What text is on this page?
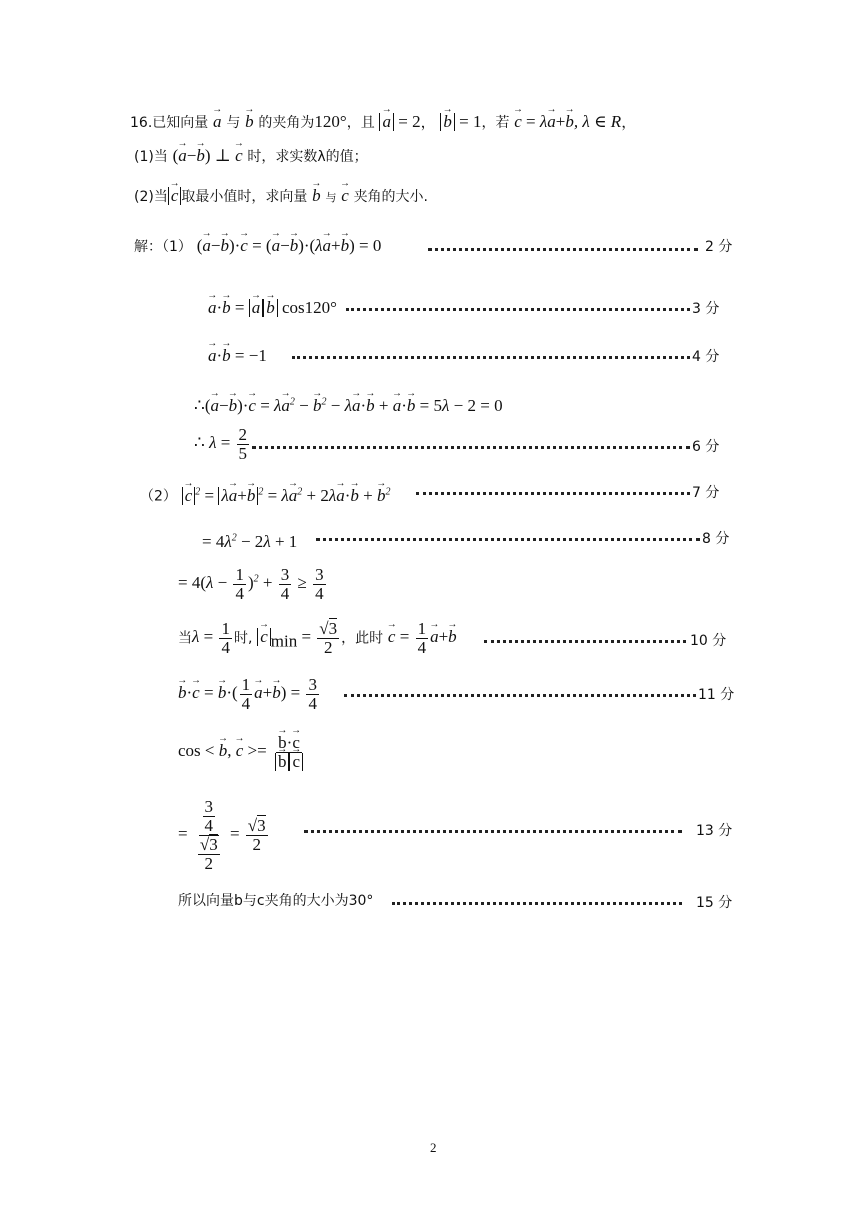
16.已知向量 → a 与 → b 的夹角为120°，且 → a = 2， → b = 1，若 → c = λ→ a+→ b, λ ∈ R，
(1)当 (→ a−→ b) ⊥ → c 时，求实数λ的值；
(2)当→ c 取最小值时，求向量 → b 与 → c 夹角的大小.
解：（1） (→ a−→ b)·→ c = (→ a−→ b)·(λ→ a+→ b) = 0	2 分
→ a·→ b = → a→ b cos120°	3 分
→ a·→ b = −1	4 分
∴(→ $a-\to b)\cdot\to c = \lambda\to a^2$ − → $b^2 - \lambda\to a\cdot\to b$ + → a·→ b = 5λ − 2 = 0
∴ $\lambda = \frac{2}{5}$	6 分
（2） → c $^2$ = λ→ a+→ b $^2 = \lambda\to a^2 + 2\lambda\to a\cdot\to b$ + → $b^2$	7 分
= $4\lambda^2 - 2\lambda + 1$	8 分
= $4(\lambda - \frac{1}{4} )^2 + \frac{3}{4} \ge \frac{3}{4}$
当$\lambda = \frac{1}{4}$ 时, → c $_{min} = \frac{√3}{2}$ ，此时 → $c = \frac{1}{4}$
→ a+→ b	10 分
→ b·→ c = → $b\cdot( \frac{1}{4}$
→ $a+\to b) = \frac{3}{4}$	11 分
cos < → b, → c >=
→ b·→ c
→ b→ c
= $\frac{\frac{3}{4}}{\frac{√3}{2}} = \frac{√3}{2}$	13 分
所以向量b与c夹角的大小为30°	15 分
2
